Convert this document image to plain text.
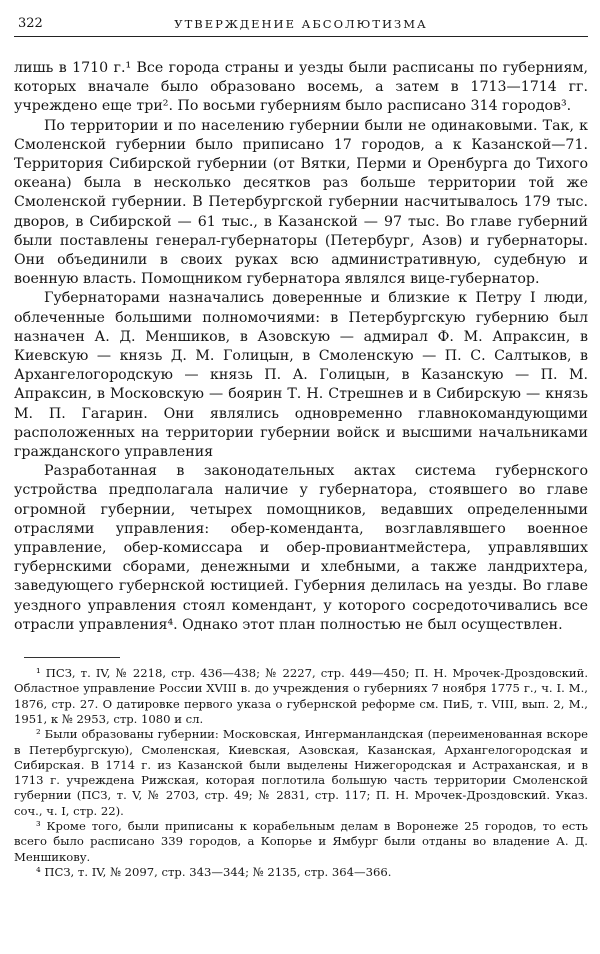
322	УТВЕРЖДЕНИЕ АБСОЛЮТИЗМА

лишь в 1710 г.¹ Все города страны и уезды были расписаны по губерниям, которых вначале было образовано восемь, а затем в 1713—1714 гг. учреждено еще три². По восьми губерниям было расписано 314 городов³.

По территории и по населению губернии были не одинаковыми. Так, к Смоленской губернии было приписано 17 городов, а к Казанской—71. Территория Сибирской губернии (от Вятки, Перми и Оренбурга до Тихого океана) была в несколько десятков раз больше территории той же Смоленской губернии. В Петербургской губернии насчитывалось 179 тыс. дворов, в Сибирской — 61 тыс., в Казанской — 97 тыс. Во главе губерний были поставлены генерал-губернаторы (Петербург, Азов) и губернаторы. Они объединили в своих руках всю административную, судебную и военную власть. Помощником губернатора являлся вице-губернатор.

Губернаторами назначались доверенные и близкие к Петру I люди, облеченные большими полномочиями: в Петербургскую губернию был назначен А. Д. Меншиков, в Азовскую — адмирал Ф. М. Апраксин, в Киевскую — князь Д. М. Голицын, в Смоленскую — П. С. Салтыков, в Архангелогородскую — князь П. А. Голицын, в Казанскую — П. М. Апраксин, в Московскую — боярин Т. Н. Стрешнев и в Сибирскую — князь М. П. Гагарин. Они являлись одновременно главнокомандующими расположенных на территории губернии войск и высшими начальниками гражданского управления

Разработанная в законодательных актах система губернского устройства предполагала наличие у губернатора, стоявшего во главе огромной губернии, четырех помощников, ведавших определенными отраслями управления: обер-коменданта, возглавлявшего военное управление, обер-комиссара и обер-провиантмейстера, управлявших губернскими сборами, денежными и хлебными, а также ландрихтера, заведующего губернской юстицией. Губерния делилась на уезды. Во главе уездного управления стоял комендант, у которого сосредоточивались все отрасли управления⁴. Однако этот план полностью не был осуществлен.

¹ ПСЗ, т. IV, № 2218, стр. 436—438; № 2227, стр. 449—450; П. Н. Мрочек-Дроздовский. Областное управление России XVIII в. до учреждения о губерниях 7 ноября 1775 г., ч. I. М., 1876, стр. 27. О датировке первого указа о губернской реформе см. ПиБ, т. VIII, вып. 2, М., 1951, к № 2953, стр. 1080 и сл.

² Были образованы губернии: Московская, Ингерманландская (переименованная вскоре в Петербургскую), Смоленская, Киевская, Азовская, Казанская, Архангелогородская и Сибирская. В 1714 г. из Казанской были выделены Нижегородская и Астраханская, и в 1713 г. учреждена Рижская, которая поглотила большую часть территории Смоленской губернии (ПСЗ, т. V, № 2703, стр. 49; № 2831, стр. 117; П. Н. Мрочек-Дроздовский. Указ. соч., ч. I, стр. 22).

³ Кроме того, были приписаны к корабельным делам в Воронеже 25 городов, то есть всего было расписано 339 городов, а Копорье и Ямбург были отданы во владение А. Д. Меншикову.

⁴ ПСЗ, т. IV, № 2097, стр. 343—344; № 2135, стр. 364—366.
